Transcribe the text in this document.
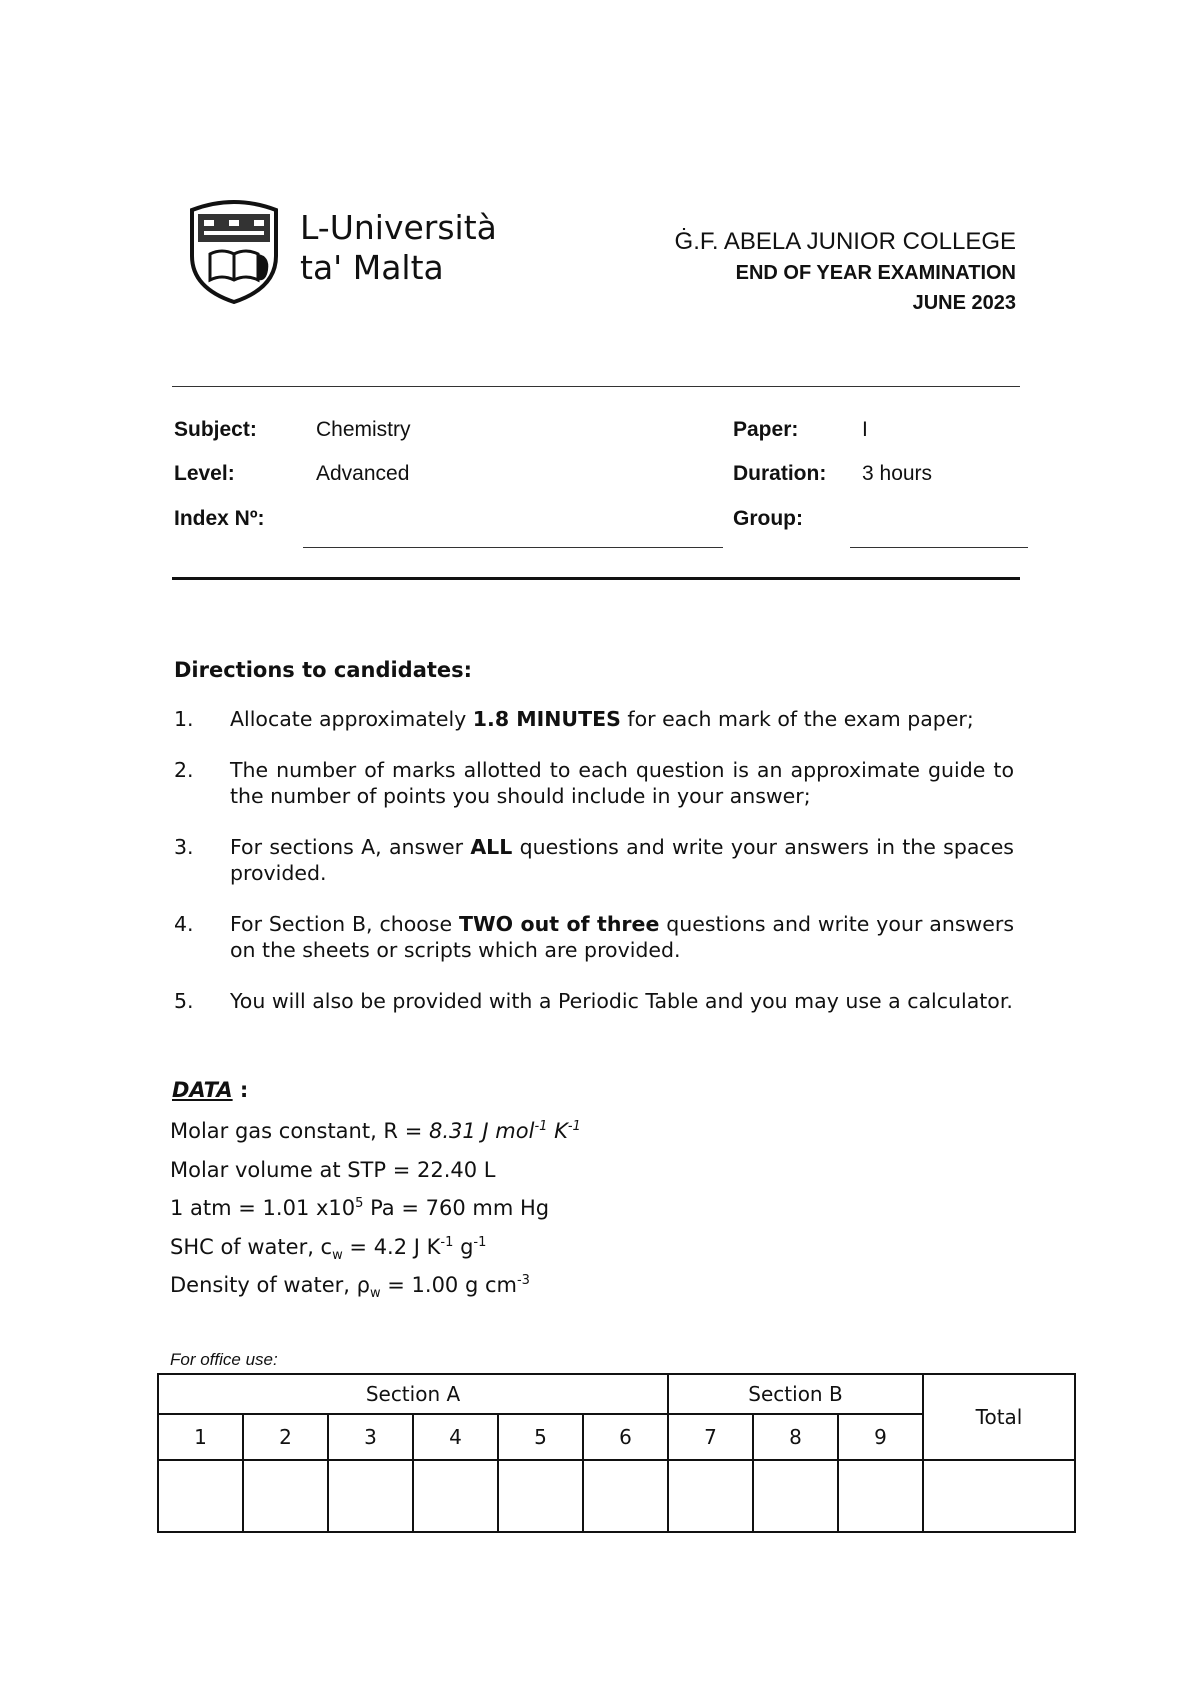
L-Università
ta' Malta
Ġ.F. ABELA JUNIOR COLLEGE
END OF YEAR EXAMINATION
JUNE 2023
Subject:	Chemistry	Paper:	I
Level:	Advanced	Duration: 3 hours
Index Nº:	Group:
Directions to candidates:
1.	Allocate approximately 1.8 MINUTES for each mark of the exam paper;
2.	The number of marks allotted to each question is an approximate guide to the number of points you should include in your answer;
3.	For sections A, answer ALL questions and write your answers in the spaces provided.
4.	For Section B, choose TWO out of three questions and write your answers on the sheets or scripts which are provided.
5.	You will also be provided with a Periodic Table and you may use a calculator.
DATA :
Molar gas constant, R = 8.31 J mol$^{-1}$ $K^{-1}$
Molar volume at STP = 22.40 L
1 atm = 1.01 $x10^5$ Pa = 760 mm Hg
SHC of water, $c_w = 4.2$ J $K^{-1}$ $g^{-1}$
Density of water, $\rho_w = 1.00$ g $cm^{-3}$
For office use:
Section A						Section B			Total
1	2	3	4	5	6	7	8	9	
